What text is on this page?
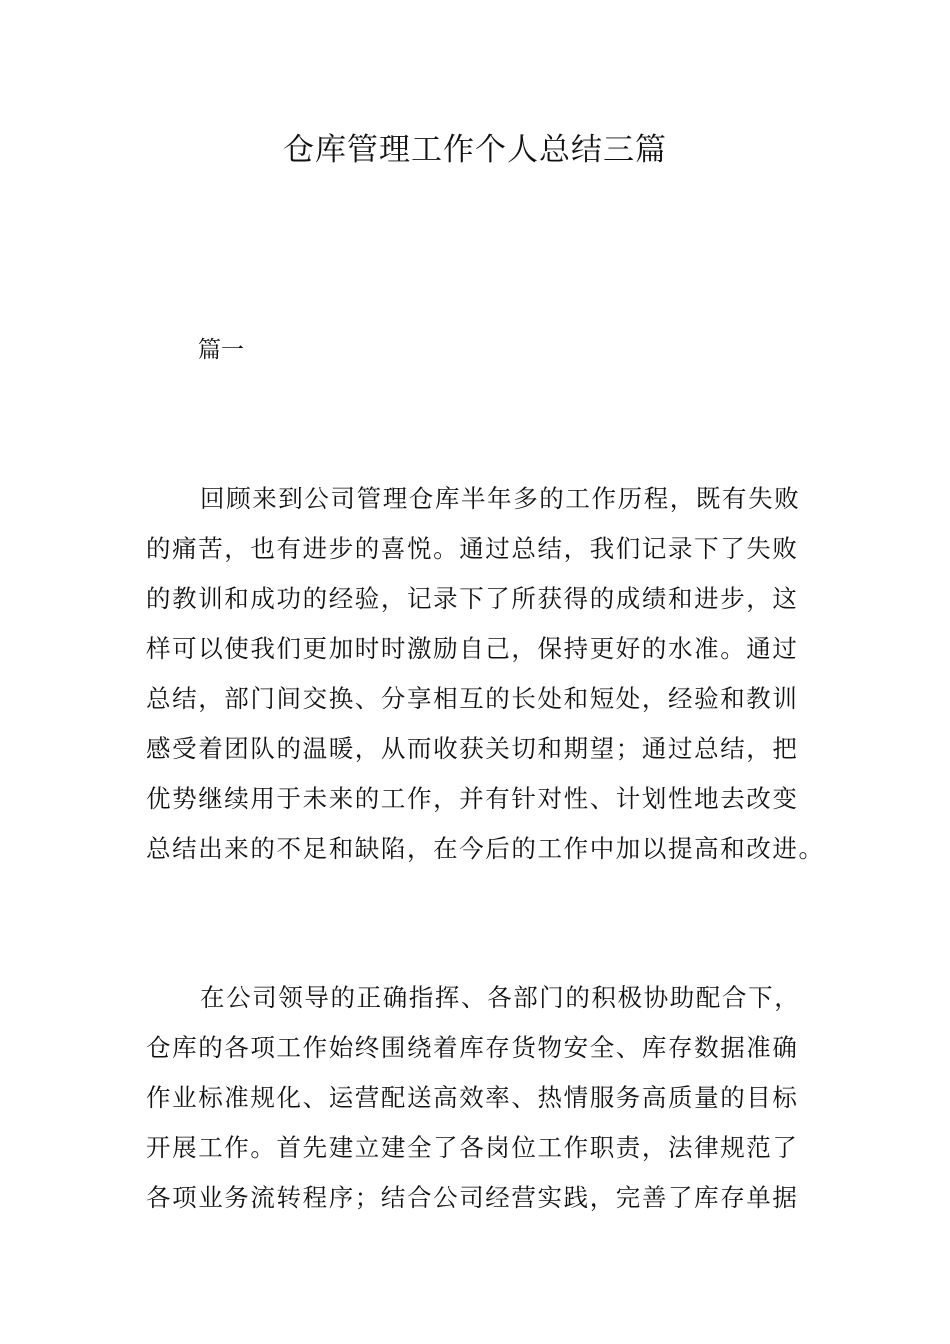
仓库管理工作个人总结三篇
篇一

回顾来到公司管理仓库半年多的工作历程，既有失败
的痛苦，也有进步的喜悦。通过总结，我们记录下了失败
的教训和成功的经验，记录下了所获得的成绩和进步，这
样可以使我们更加时时激励自己，保持更好的水准。通过
总结，部门间交换、分享相互的长处和短处，经验和教训
感受着团队的温暖，从而收获关切和期望；通过总结，把
优势继续用于未来的工作，并有针对性、计划性地去改变
总结出来的不足和缺陷，在今后的工作中加以提高和改进。

在公司领导的正确指挥、各部门的积极协助配合下，
仓库的各项工作始终围绕着库存货物安全、库存数据准确
作业标准规化、运营配送高效率、热情服务高质量的目标
开展工作。首先建立建全了各岗位工作职责，法律规范了
各项业务流转程序；结合公司经营实践，完善了库存单据
